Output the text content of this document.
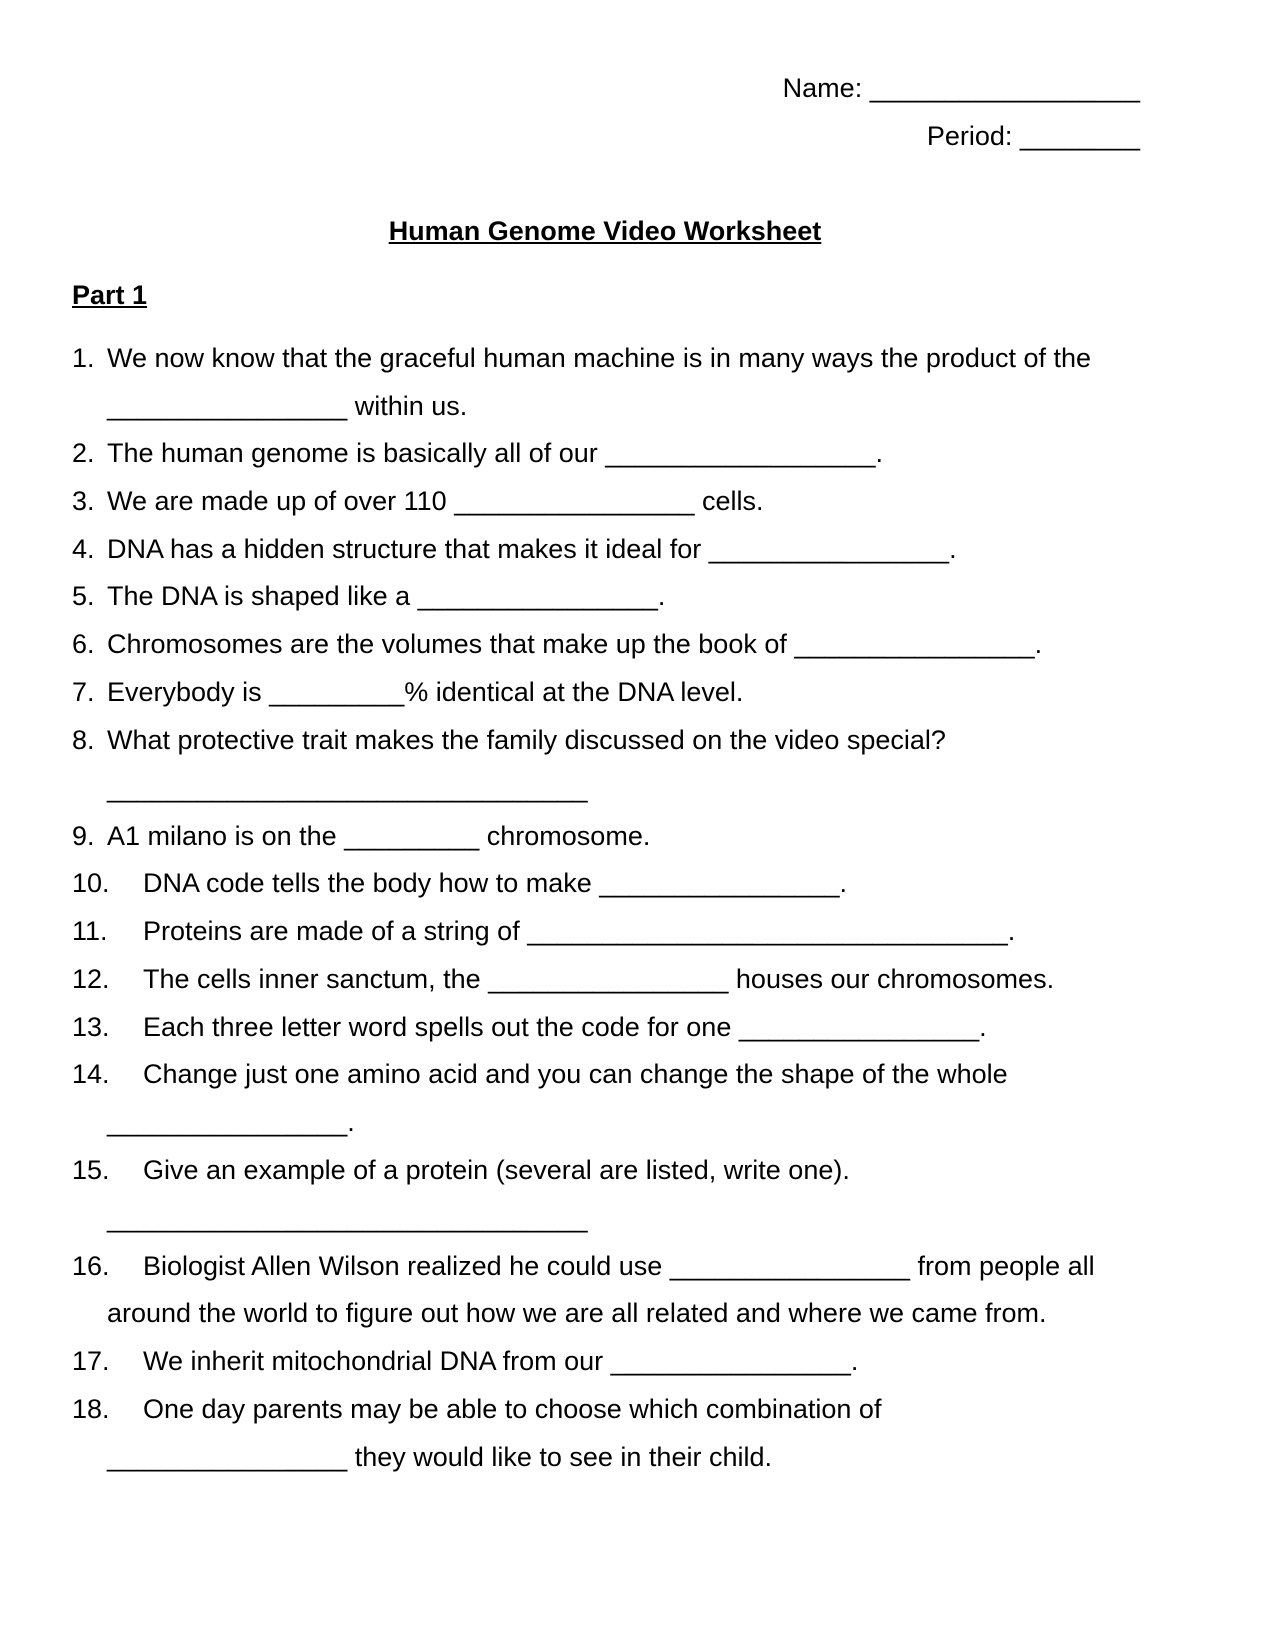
Name: __________________
Period: ________
Human Genome Video Worksheet
Part 1
1. We now know that the graceful human machine is in many ways the product of the
________________ within us.
2. The human genome is basically all of our __________________.
3. We are made up of over 110 ________________ cells.
4. DNA has a hidden structure that makes it ideal for ________________.
5. The DNA is shaped like a ________________.
6. Chromosomes are the volumes that make up the book of ________________.
7. Everybody is _________% identical at the DNA level.
8. What protective trait makes the family discussed on the video special?
________________________________
9. A1 milano is on the _________ chromosome.
10. DNA code tells the body how to make ________________.
11. Proteins are made of a string of ________________________________.
12. The cells inner sanctum, the ________________ houses our chromosomes.
13. Each three letter word spells out the code for one ________________.
14. Change just one amino acid and you can change the shape of the whole
________________.
15. Give an example of a protein (several are listed, write one).
________________________________
16. Biologist Allen Wilson realized he could use ________________ from people all
around the world to figure out how we are all related and where we came from.
17. We inherit mitochondrial DNA from our ________________.
18. One day parents may be able to choose which combination of
________________ they would like to see in their child.
